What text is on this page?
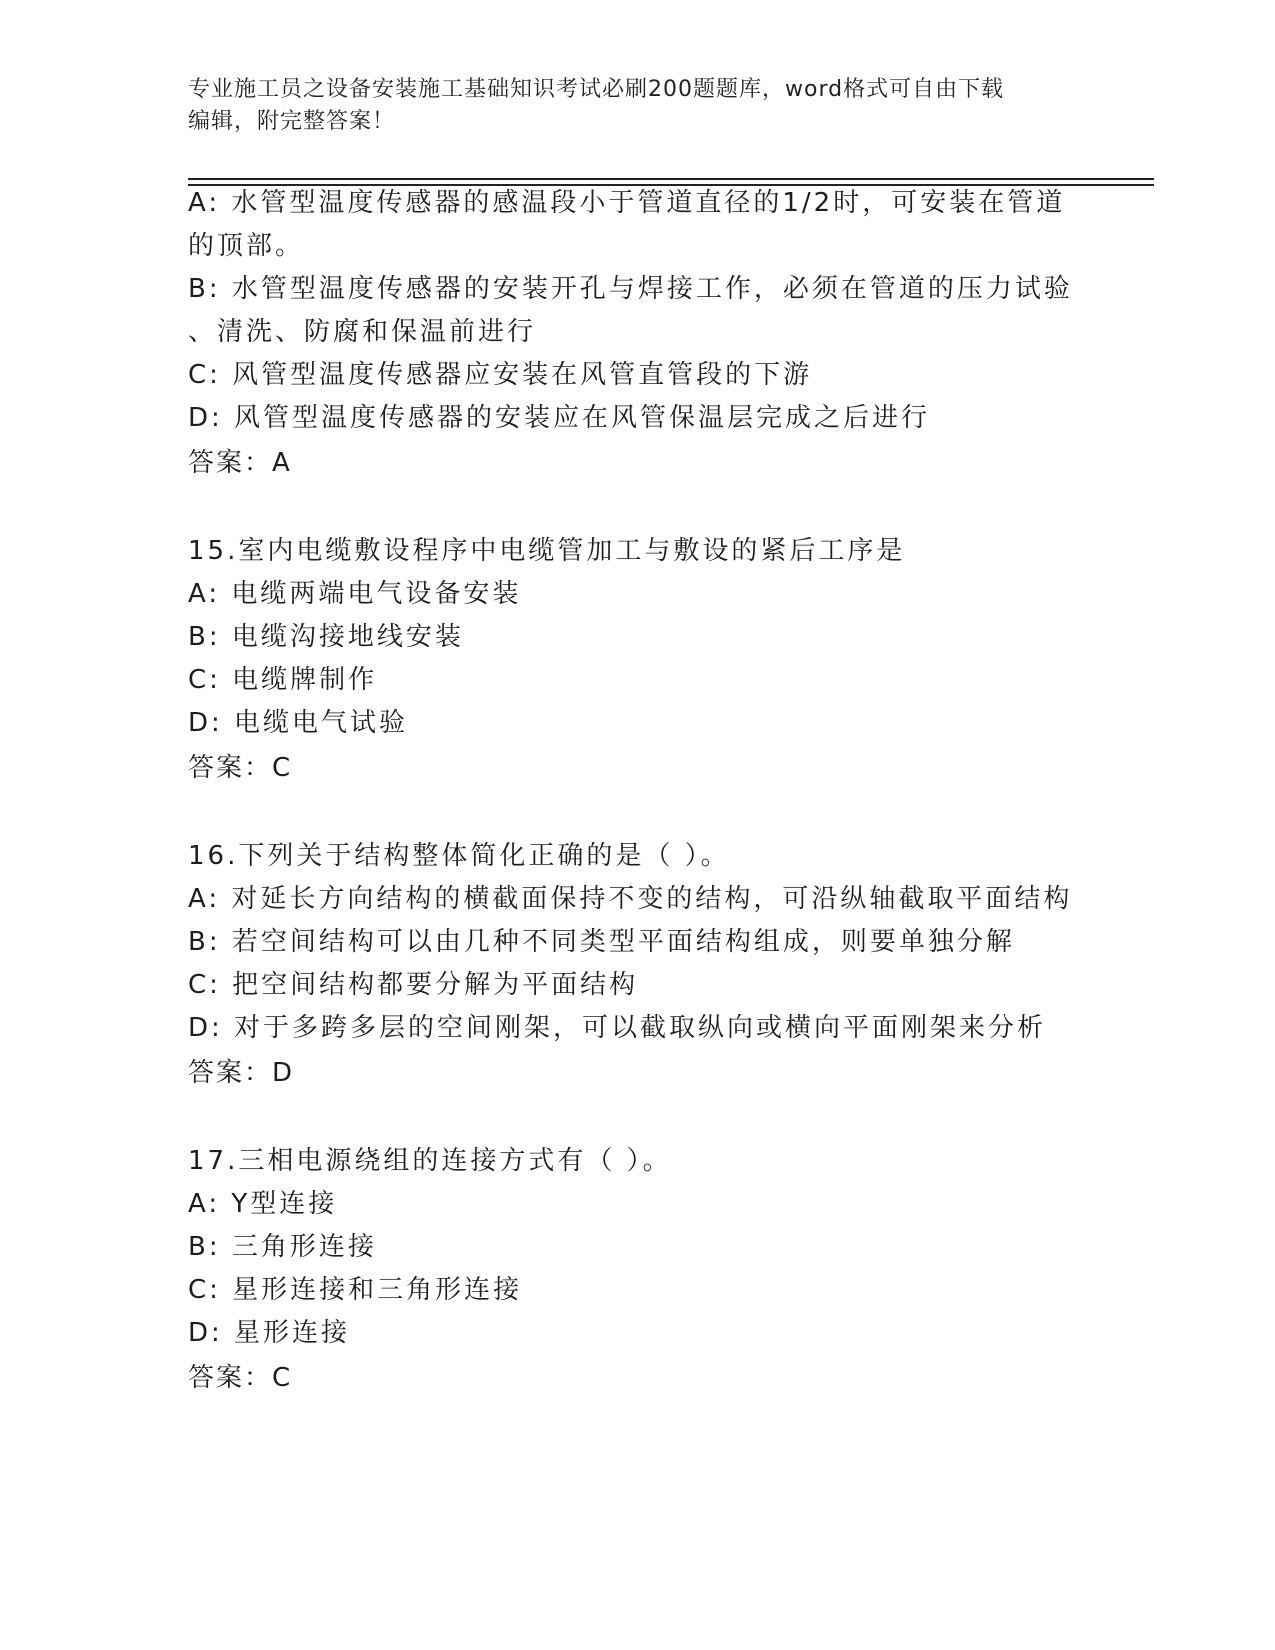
专业施工员之设备安装施工基础知识考试必刷200题题库，word格式可自由下载
编辑，附完整答案！
A: 水管型温度传感器的感温段小于管道直径的1/2时，可安装在管道
的顶部。
B: 水管型温度传感器的安装开孔与焊接工作，必须在管道的压力试验
、清洗、防腐和保温前进行
C: 风管型温度传感器应安装在风管直管段的下游
D: 风管型温度传感器的安装应在风管保温层完成之后进行
答案：A
15.室内电缆敷设程序中电缆管加工与敷设的紧后工序是
A: 电缆两端电气设备安装
B: 电缆沟接地线安装
C: 电缆牌制作
D: 电缆电气试验
答案：C
16.下列关于结构整体简化正确的是（ ）。
A: 对延长方向结构的横截面保持不变的结构，可沿纵轴截取平面结构
B: 若空间结构可以由几种不同类型平面结构组成，则要单独分解
C: 把空间结构都要分解为平面结构
D: 对于多跨多层的空间刚架，可以截取纵向或横向平面刚架来分析
答案：D
17.三相电源绕组的连接方式有（ ）。
A: Y型连接
B: 三角形连接
C: 星形连接和三角形连接
D: 星形连接
答案：C
